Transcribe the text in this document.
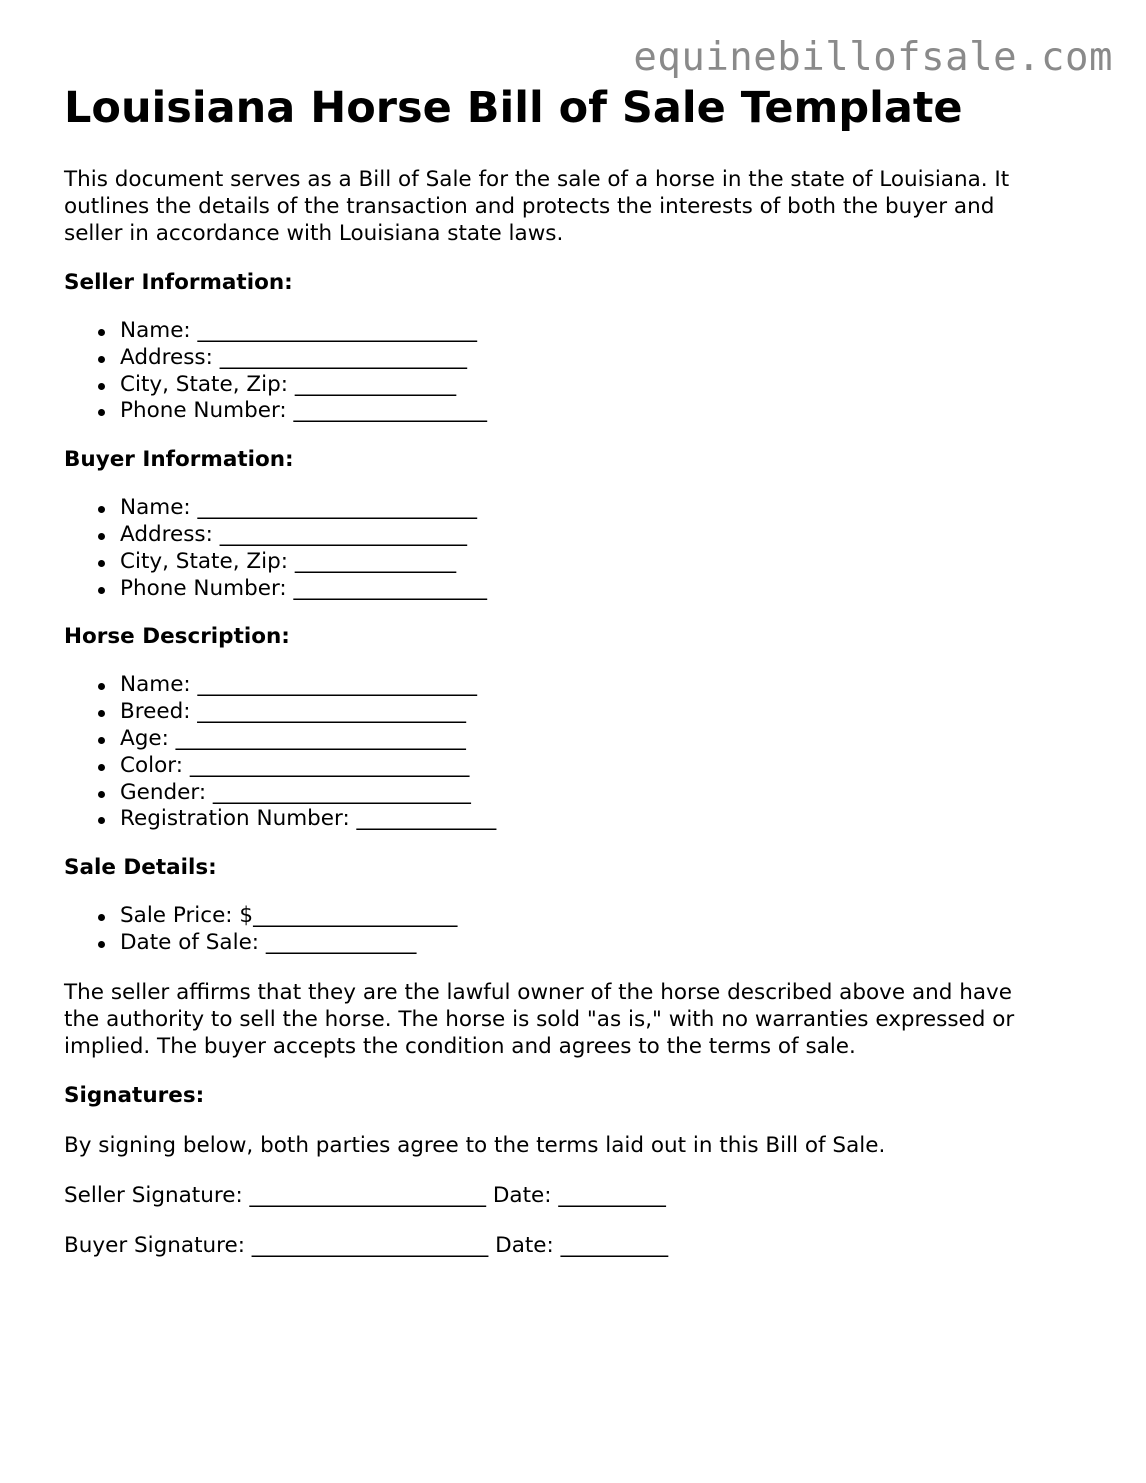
equinebillofsale.com
Louisiana Horse Bill of Sale Template

This document serves as a Bill of Sale for the sale of a horse in the state of Louisiana. It
outlines the details of the transaction and protects the interests of both the buyer and
seller in accordance with Louisiana state laws.

Seller Information:
Name: __________________________
Address: _______________________
City, State, Zip: _______________
Phone Number: __________________
Buyer Information:
Name: __________________________
Address: _______________________
City, State, Zip: _______________
Phone Number: __________________
Horse Description:
Name: __________________________
Breed: _________________________
Age: ___________________________
Color: __________________________
Gender: ________________________
Registration Number: _____________
Sale Details:
Sale Price: $___________________
Date of Sale: ______________

The seller affirms that they are the lawful owner of the horse described above and have
the authority to sell the horse. The horse is sold "as is," with no warranties expressed or
implied. The buyer accepts the condition and agrees to the terms of sale.

Signatures:

By signing below, both parties agree to the terms laid out in this Bill of Sale.

Seller Signature: ______________________ Date: __________

Buyer Signature: ______________________ Date: __________
